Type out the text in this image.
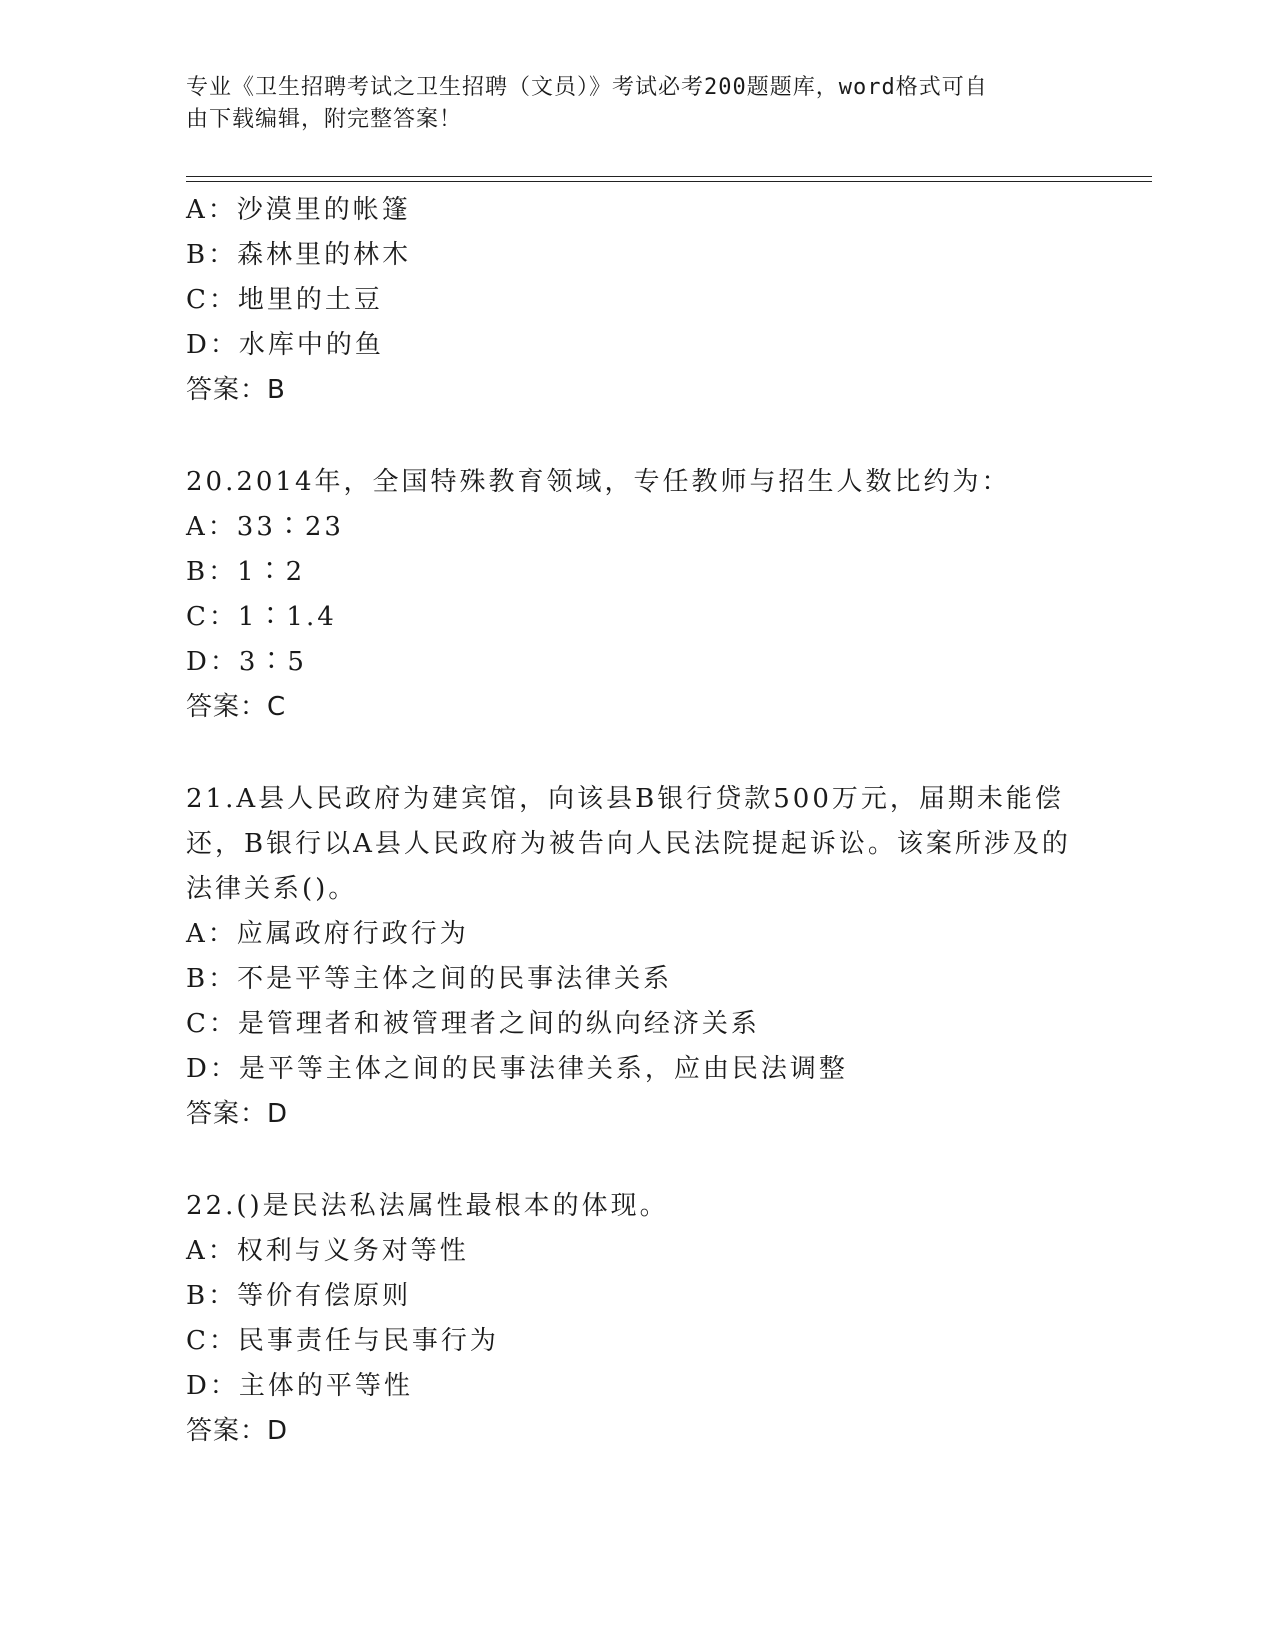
专业《卫生招聘考试之卫生招聘（文员）》考试必考200题题库，word格式可自
由下载编辑，附完整答案！
A：沙漠里的帐篷
B：森林里的林木
C：地里的土豆
D：水库中的鱼
答案：B
20.2014年，全国特殊教育领域，专任教师与招生人数比约为：
A：33∶23
B：1∶2
C：1∶1.4
D：3∶5
答案：C
21.A县人民政府为建宾馆，向该县B银行贷款500万元，届期未能偿
还，B银行以A县人民政府为被告向人民法院提起诉讼。该案所涉及的
法律关系()。
A：应属政府行政行为
B：不是平等主体之间的民事法律关系
C：是管理者和被管理者之间的纵向经济关系
D：是平等主体之间的民事法律关系，应由民法调整
答案：D
22.()是民法私法属性最根本的体现。
A：权利与义务对等性
B：等价有偿原则
C：民事责任与民事行为
D：主体的平等性
答案：D
